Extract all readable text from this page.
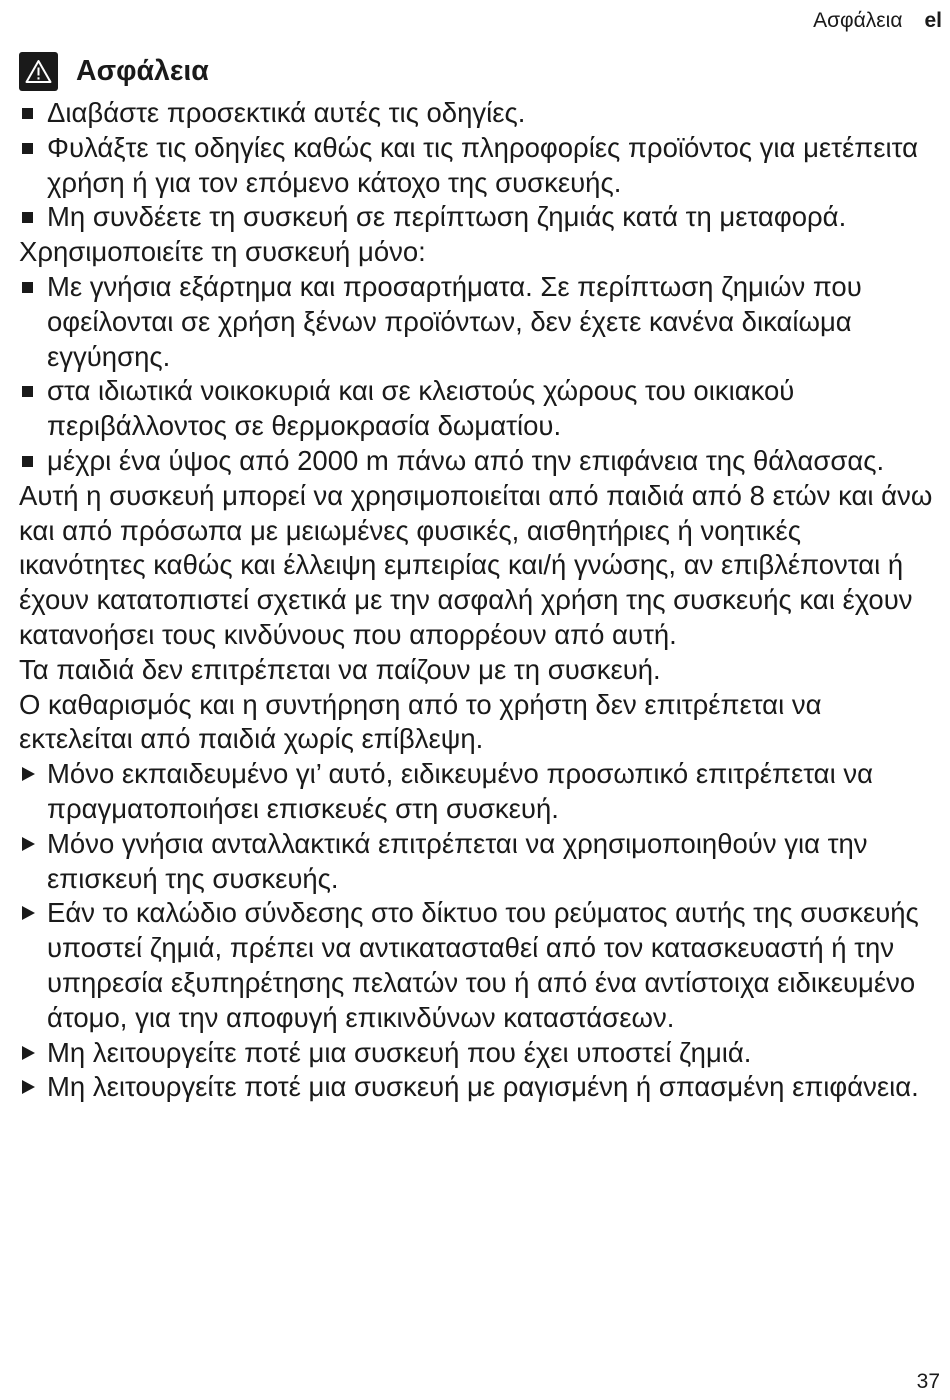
Ασφάλεια el
Ασφάλεια
Διαβάστε προσεκτικά αυτές τις οδηγίες.
Φυλάξτε τις οδηγίες καθώς και τις πληροφορίες προϊόντος για μετέπειτα χρήση ή για τον επόμενο κάτοχο της συσκευής.
Μη συνδέετε τη συσκευή σε περίπτωση ζημιάς κατά τη μεταφορά.

Χρησιμοποιείτε τη συσκευή μόνο:

Με γνήσια εξάρτημα και προσαρτήματα. Σε περίπτωση ζημιών που οφείλονται σε χρήση ξένων προϊόντων, δεν έχετε κανένα δικαίωμα εγγύησης.
στα ιδιωτικά νοικοκυριά και σε κλειστούς χώρους του οικιακού περιβάλλοντος σε θερμοκρασία δωματίου.
μέχρι ένα ύψος από 2000 m πάνω από την επιφάνεια της θάλασσας.

Αυτή η συσκευή μπορεί να χρησιμοποιείται από παιδιά από 8 ετών και άνω και από πρόσωπα με μειωμένες φυσικές, αισθητήριες ή νοητικές ικανότητες καθώς και έλλειψη εμπειρίας και/ή γνώσης, αν επιβλέπονται ή έχουν κατατοπιστεί σχετικά με την ασφαλή χρήση της συσκευής και έχουν κατανοήσει τους κινδύνους που απορρέουν από αυτή.

Τα παιδιά δεν επιτρέπεται να παίζουν με τη συσκευή.

Ο καθαρισμός και η συντήρηση από το χρήστη δεν επιτρέπεται να εκτελείται από παιδιά χωρίς επίβλεψη.

Μόνο εκπαιδευμένο γι’ αυτό, ειδικευμένο προσωπικό επιτρέπεται να πραγματοποιήσει επισκευές στη συσκευή.
Μόνο γνήσια ανταλλακτικά επιτρέπεται να χρησιμοποιηθούν για την επισκευή της συσκευής.
Εάν το καλώδιο σύνδεσης στο δίκτυο του ρεύματος αυτής της συσκευής υποστεί ζημιά, πρέπει να αντικατασταθεί από τον κατασκευαστή ή την υπηρεσία εξυπηρέτησης πελατών του ή από ένα αντίστοιχα ειδικευμένο άτομο, για την αποφυγή επικινδύνων καταστάσεων.
Μη λειτουργείτε ποτέ μια συσκευή που έχει υποστεί ζημιά.
Μη λειτουργείτε ποτέ μια συσκευή με ραγισμένη ή σπασμένη επιφάνεια.
37
